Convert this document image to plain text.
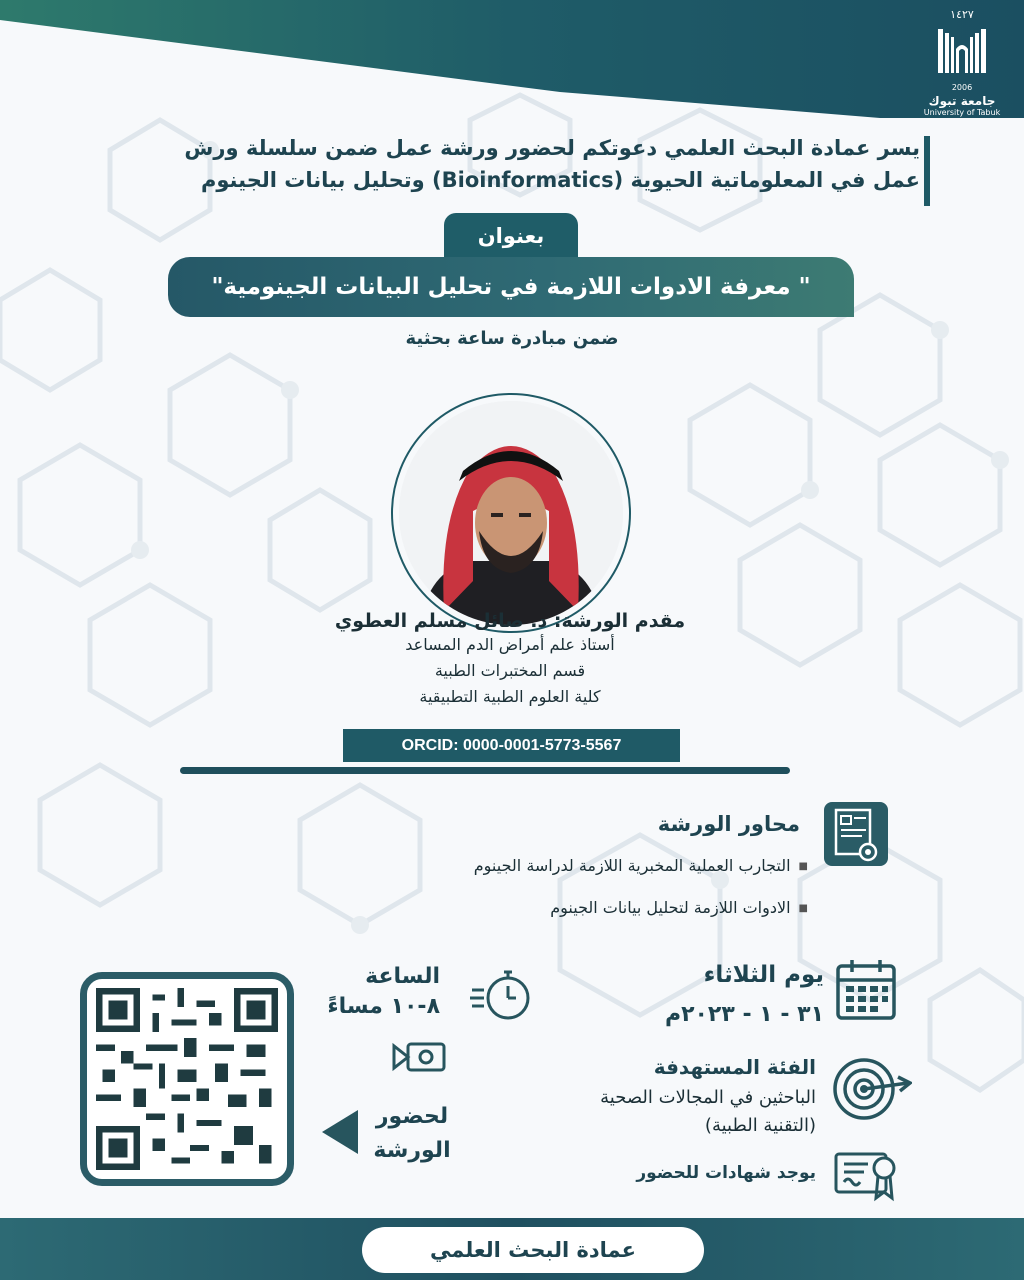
١٤٢٧
2006
جامعة تبوك
University of Tabuk
يسر عمادة البحث العلمي دعوتكم لحضور ورشة عمل ضمن سلسلة ورش
عمل في المعلوماتية الحيوية (Bioinformatics) وتحليل بيانات الجينوم
بعنوان
" معرفة الادوات اللازمة في تحليل البيانات الجينومية"
ضمن مبادرة ساعة بحثية
مقدم الورشة: د. صائل مسلم العطوي
أستاذ علم أمراض الدم المساعد
قسم المختبرات الطبية
كلية العلوم الطبية التطبيقية
ORCID: 0000-0001-5773-5567
محاور الورشة
■ التجارب العملية المخبرية اللازمة لدراسة الجينوم
■ الادوات اللازمة لتحليل بيانات الجينوم
الساعة
٨-١٠ مساءً
لحضور
الورشة
يوم الثلاثاء
٣١ - ١ - ٢٠٢٣م
الفئة المستهدفة
الباحثين في المجالات الصحية
(التقنية الطبية)
يوجد شهادات للحضور
عمادة البحث العلمي
